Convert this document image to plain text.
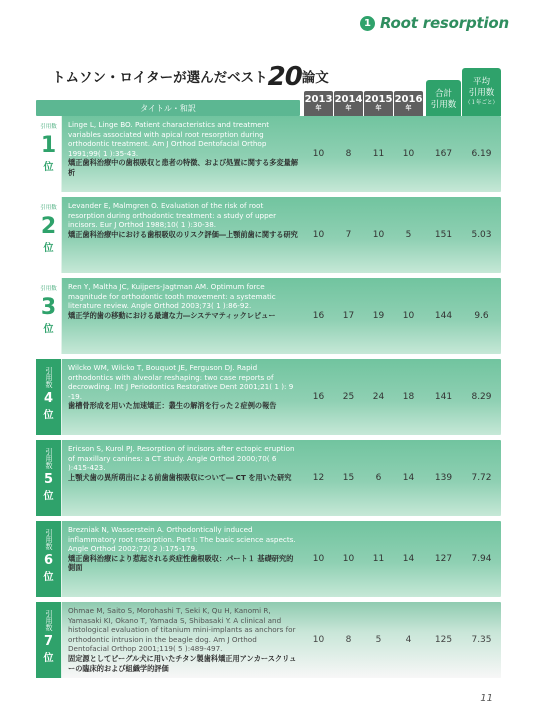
1 Root resorption
トムソン・ロイターが選んだベスト20論文
タイトル・和訳
2013
年
2014
年
2015
年
2016
年
合計
引用数
平均
引用数
（１年ごと）
引用数
1
位
Linge L, Linge BO. Patient characteristics and treatment variables associated with apical root resorption during orthodontic treatment. Am J Orthod Dentofacial Orthop 1991;99( 1 ):35-43.
矯正歯科治療中の歯根吸収と患者の特徴、および処置に関する多変量解析
10	8	11	10	167	6.19
引用数
2
位
Levander E, Malmgren O. Evaluation of the risk of root resorption during orthodontic treatment: a study of upper incisors. Eur J Orthod 1988;10( 1 ):30-38.
矯正歯科治療中における歯根吸収のリスク評価―上顎前歯に関する研究	10	7	10	5	151	5.03
引用数
3
位
Ren Y, Maltha JC, Kuijpers-Jagtman AM. Optimum force magnitude for orthodontic tooth movement: a systematic literature review. Angle Orthod 2003;73( 1 ):86-92.
矯正学的歯の移動における最適な力―システマティックレビュー	16	17	19	10	144	9.6
引用数
4
位
Wilcko WM, Wilcko T, Bouquot JE, Ferguson DJ. Rapid orthodontics with alveolar reshaping: two case reports of decrowding. Int J Periodontics Restorative Dent 2001;21( 1 ): 9 -19.
歯槽骨形成を用いた加速矯正：叢生の解消を行った２症例の報告
16	25	24	18	141	8.29
引用数
5
位
Ericson S, Kurol PJ. Resorption of incisors after ectopic eruption of maxillary canines: a CT study. Angle Orthod 2000;70( 6 ):415-423.
上顎犬歯の異所萌出による前歯歯根吸収について― CT を用いた研究	12	15	6	14	139	7.72
引用数
6
位
Brezniak N, Wasserstein A. Orthodontically induced inflammatory root resorption. Part I: The basic science aspects. Angle Orthod 2002;72( 2 ):175-179.
矯正歯科治療により惹起される炎症性歯根吸収：パート１ 基礎研究的側面
10	10	11	14	127	7.94
引用数
7
位
Ohmae M, Saito S, Morohashi T, Seki K, Qu H, Kanomi R, Yamasaki KI, Okano T, Yamada S, Shibasaki Y. A clinical and histological evaluation of titanium mini-implants as anchors for orthodontic intrusion in the beagle dog. Am J Orthod Dentofacial Orthop 2001;119( 5 ):489-497.
固定源としてビーグル犬に用いたチタン製歯科矯正用アンカースクリューの臨床的および組織学的評価
10	8	5	4	125	7.35
11
